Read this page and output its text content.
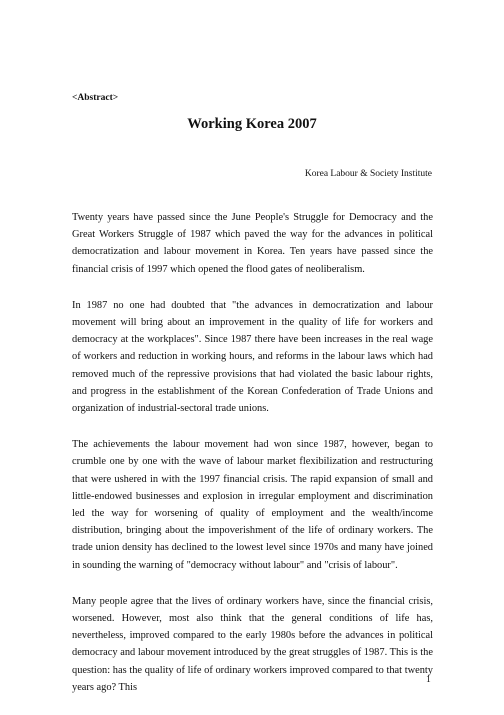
<Abstract>

Working Korea 2007

Korea Labour & Society Institute

Twenty years have passed since the June People's Struggle for Democracy and the Great Workers Struggle of 1987 which paved the way for the advances in political democratization and labour movement in Korea. Ten years have passed since the financial crisis of 1997 which opened the flood gates of neoliberalism.

In 1987 no one had doubted that "the advances in democratization and labour movement will bring about an improvement in the quality of life for workers and democracy at the workplaces". Since 1987 there have been increases in the real wage of workers and reduction in working hours, and reforms in the labour laws which had removed much of the repressive provisions that had violated the basic labour rights, and progress in the establishment of the Korean Confederation of Trade Unions and organization of industrial-sectoral trade unions.

The achievements the labour movement had won since 1987, however, began to crumble one by one with the wave of labour market flexibilization and restructuring that were ushered in with the 1997 financial crisis. The rapid expansion of small and little-endowed businesses and explosion in irregular employment and discrimination led the way for worsening of quality of employment and the wealth/income distribution, bringing about the impoverishment of the life of ordinary workers. The trade union density has declined to the lowest level since 1970s and many have joined in sounding the warning of "democracy without labour" and "crisis of labour".

Many people agree that the lives of ordinary workers have, since the financial crisis, worsened. However, most also think that the general conditions of life has, nevertheless, improved compared to the early 1980s before the advances in political democracy and labour movement introduced by the great struggles of 1987. This is the question: has the quality of life of ordinary workers improved compared to that twenty years ago? This

1
